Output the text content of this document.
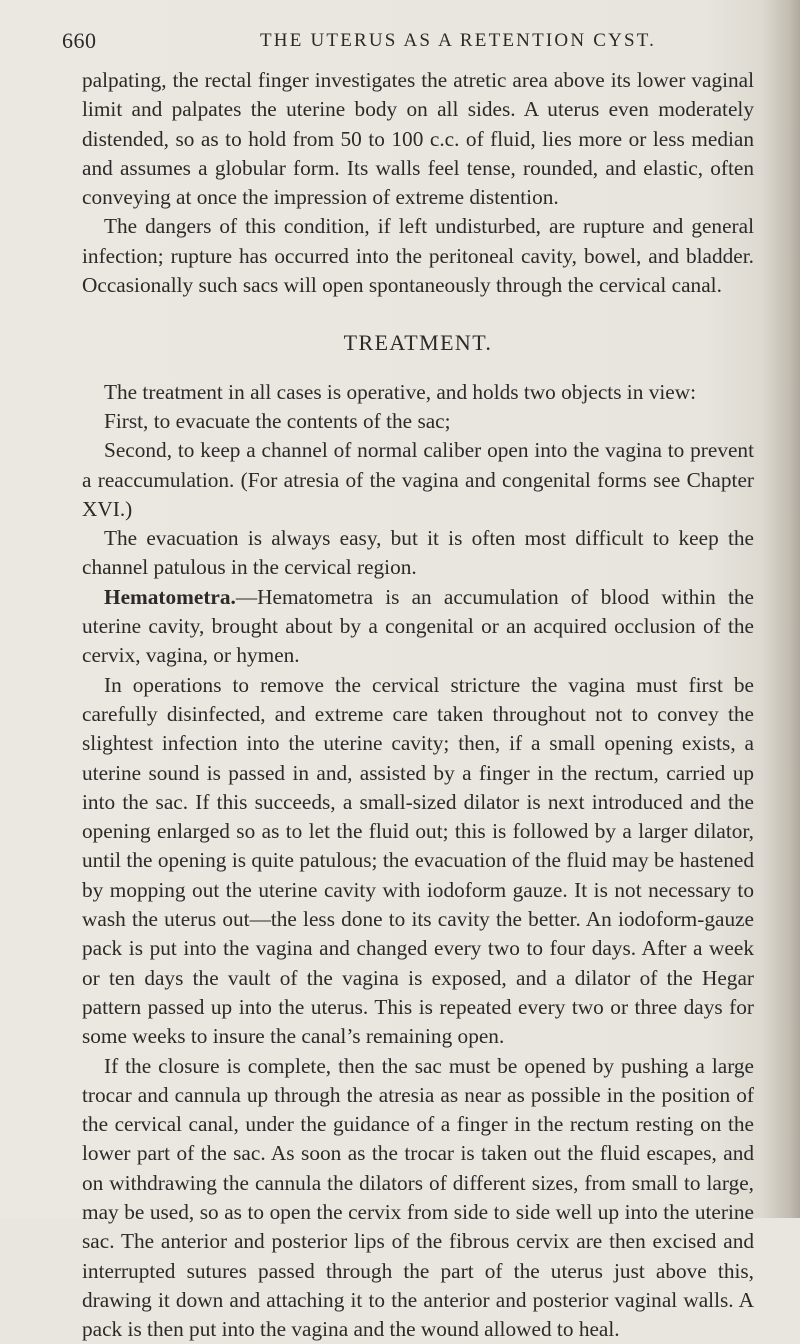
660	THE UTERUS AS A RETENTION CYST.

palpating, the rectal finger investigates the atretic area above its lower vaginal limit and palpates the uterine body on all sides. A uterus even moderately distended, so as to hold from 50 to 100 c.c. of fluid, lies more or less median and assumes a globular form. Its walls feel tense, rounded, and elastic, often conveying at once the impression of extreme distention.

The dangers of this condition, if left undisturbed, are rupture and general infection; rupture has occurred into the peritoneal cavity, bowel, and bladder. Occasionally such sacs will open spontaneously through the cervical canal.

TREATMENT.

The treatment in all cases is operative, and holds two objects in view:

First, to evacuate the contents of the sac;

Second, to keep a channel of normal caliber open into the vagina to prevent a reaccumulation. (For atresia of the vagina and congenital forms see Chapter XVI.)

The evacuation is always easy, but it is often most difficult to keep the channel patulous in the cervical region.

Hematometra.—Hematometra is an accumulation of blood within the uterine cavity, brought about by a congenital or an acquired occlusion of the cervix, vagina, or hymen.

In operations to remove the cervical stricture the vagina must first be carefully disinfected, and extreme care taken throughout not to convey the slightest infection into the uterine cavity; then, if a small opening exists, a uterine sound is passed in and, assisted by a finger in the rectum, carried up into the sac. If this succeeds, a small-sized dilator is next introduced and the opening enlarged so as to let the fluid out; this is followed by a larger dilator, until the opening is quite patulous; the evacuation of the fluid may be hastened by mopping out the uterine cavity with iodoform gauze. It is not necessary to wash the uterus out—the less done to its cavity the better. An iodoform-gauze pack is put into the vagina and changed every two to four days. After a week or ten days the vault of the vagina is exposed, and a dilator of the Hegar pattern passed up into the uterus. This is repeated every two or three days for some weeks to insure the canal’s remaining open.

If the closure is complete, then the sac must be opened by pushing a large trocar and cannula up through the atresia as near as possible in the position of the cervical canal, under the guidance of a finger in the rectum resting on the lower part of the sac. As soon as the trocar is taken out the fluid escapes, and on withdrawing the cannula the dilators of different sizes, from small to large, may be used, so as to open the cervix from side to side well up into the uterine sac. The anterior and posterior lips of the fibrous cervix are then excised and interrupted sutures passed through the part of the uterus just above this, drawing it down and attaching it to the anterior and posterior vaginal walls. A pack is then put into the vagina and the wound allowed to heal.
